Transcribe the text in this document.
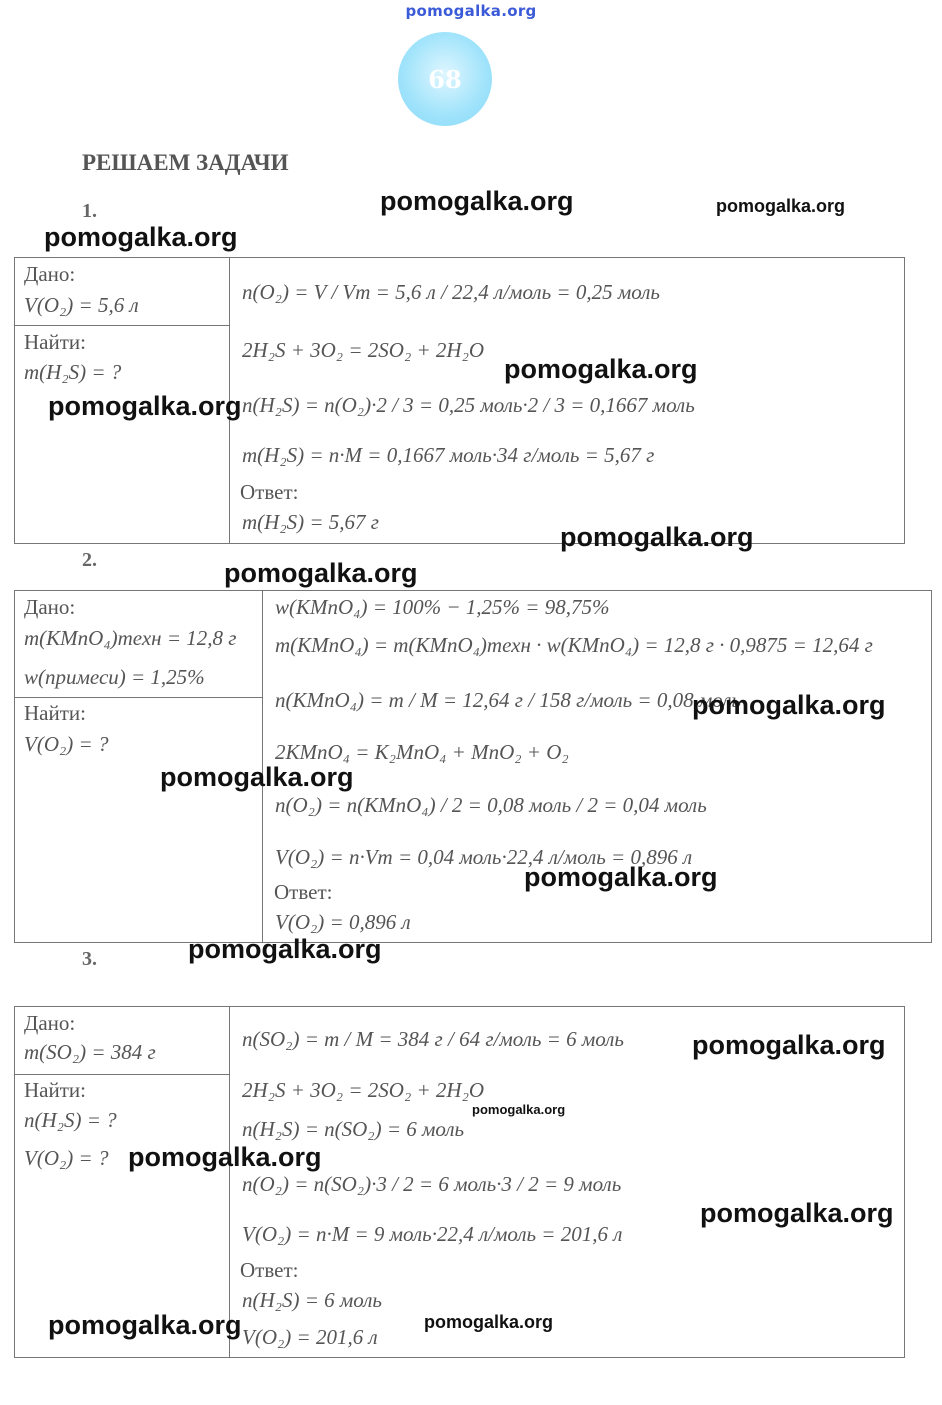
pomogalka.org
68
РЕШАЕМ ЗАДАЧИ
1.
Дано:
V(O₂) = 5,6 л
Найти:
m(H₂S) = ?
n(O₂) = V / Vm = 5,6 л / 22,4 л/моль = 0,25 моль
2H₂S + 3O₂ = 2SO₂ + 2H₂O
n(H₂S) = n(O₂)·2 / 3 = 0,25 моль·2 / 3 = 0,1667 моль
m(H₂S) = n·M = 0,1667 моль·34 г/моль = 5,67 г
Ответ:
m(H₂S) = 5,67 г
2.
Дано:
m(KMnO₄)техн = 12,8 г
w(примеси) = 1,25%
Найти:
V(O₂) = ?
w(KMnO₄) = 100% − 1,25% = 98,75%
m(KMnO₄) = m(KMnO₄)техн · w(KMnO₄) = 12,8 г · 0,9875 = 12,64 г
n(KMnO₄) = m / M = 12,64 г / 158 г/моль = 0,08 моль
2KMnO₄ = K₂MnO₄ + MnO₂ + O₂
n(O₂) = n(KMnO₄) / 2 = 0,08 моль / 2 = 0,04 моль
V(O₂) = n·Vm = 0,04 моль·22,4 л/моль = 0,896 л
Ответ:
V(O₂) = 0,896 л
3.
Дано:
m(SO₂) = 384 г
Найти:
n(H₂S) = ?
V(O₂) = ?
n(SO₂) = m / M = 384 г / 64 г/моль = 6 моль
2H₂S + 3O₂ = 2SO₂ + 2H₂O
n(H₂S) = n(SO₂) = 6 моль
n(O₂) = n(SO₂)·3 / 2 = 6 моль·3 / 2 = 9 моль
V(O₂) = n·M = 9 моль·22,4 л/моль = 201,6 л
Ответ:
n(H₂S) = 6 моль
V(O₂) = 201,6 л
pomogalka.org	pomogalka.org
pomogalka.org
pomogalka.org
pomogalka.org
pomogalka.org
pomogalka.org
pomogalka.org
pomogalka.org
pomogalka.org
pomogalka.org
pomogalka.org
pomogalka.org
pomogalka.org
pomogalka.org
pomogalka.org	pomogalka.org
